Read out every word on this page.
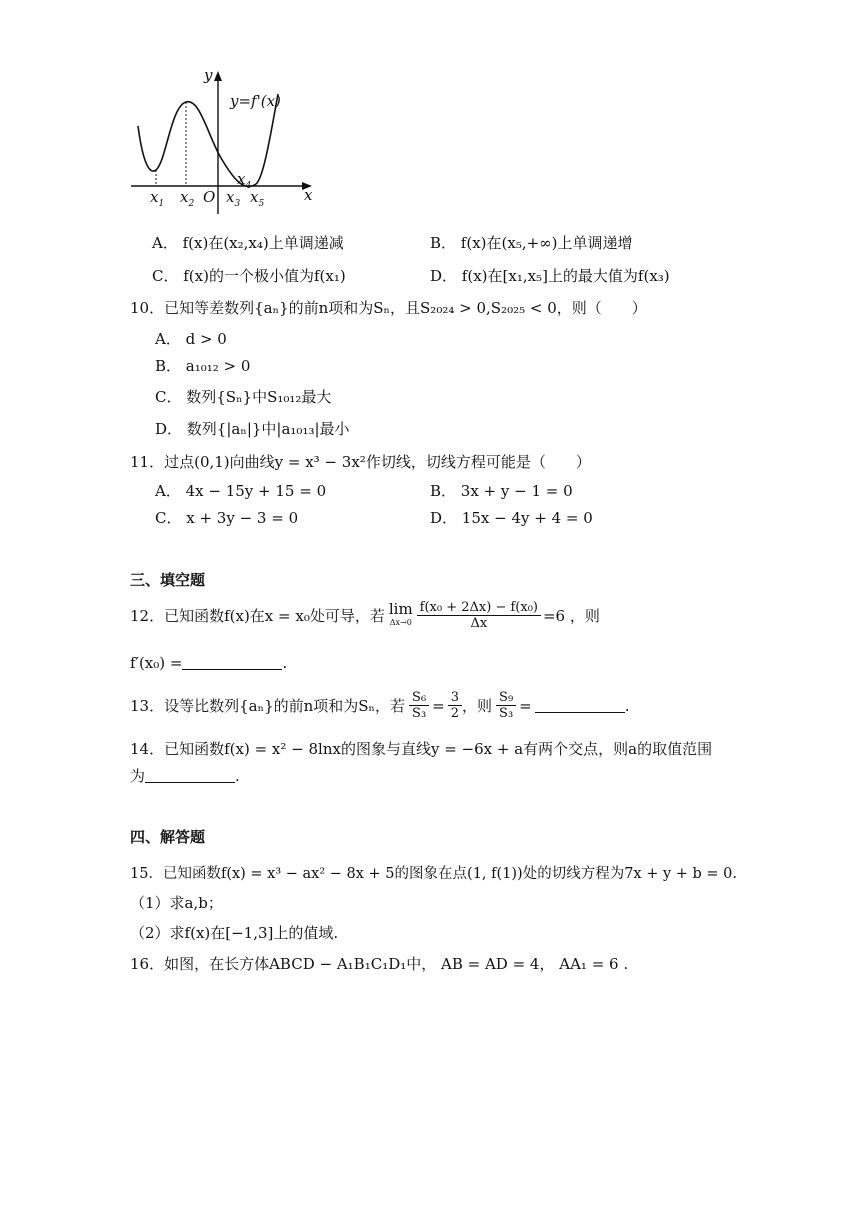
y
y=f'(x)
x
O
$x_1$ $x_2$ $x_3$
$x_4$
$x_5$
A． f(x)在(x₂,x₄)上单调递减	B． f(x)在(x₅,+∞)上单调递增
C． f(x)的一个极小值为f(x₁)	D． f(x)在[x₁,x₅]上的最大值为f(x₃)
10．已知等差数列{aₙ}的前n项和为Sₙ，且S₂₀₂₄ > 0,S₂₀₂₅ < 0，则（　　）
A． d > 0
B． a₁₀₁₂ > 0
C． 数列{Sₙ}中S₁₀₁₂最大
D． 数列{|aₙ|}中|a₁₀₁₃|最小
11．过点(0,1)向曲线y = x³ − 3x²作切线，切线方程可能是（　　）
A． 4x − 15y + 15 = 0	B． 3x + y − 1 = 0
C． x + 3y − 3 = 0	D． 15x − 4y + 4 = 0
三、填空题
12．已知函数f(x)在x = x₀处可导，若 lim
$\Delta x\to 0 \frac{\text{f(x₀ + 2Δx) − f(x₀)}}{\Delta x} =6$ ，则
f′(x₀) =	.
13．设等比数列{aₙ}的前n项和为Sₙ，若 $\frac{\text{S₆}}{\text{S₃}} = \frac{3}{2}$ ，则 $\frac{\text{S₉}}{\text{S₃}}$ =	.
14．已知函数f(x) = x² − 8lnx的图象与直线y = −6x + a有两个交点，则a的取值范围
为	.
四、解答题
15．已知函数f(x) = x³ − ax² − 8x + 5的图象在点(1, f(1))处的切线方程为7x + y + b = 0.
（1）求a,b；
（2）求f(x)在[−1,3]上的值域.
16．如图，在长方体ABCD − A₁B₁C₁D₁中， AB = AD = 4， AA₁ = 6 .
